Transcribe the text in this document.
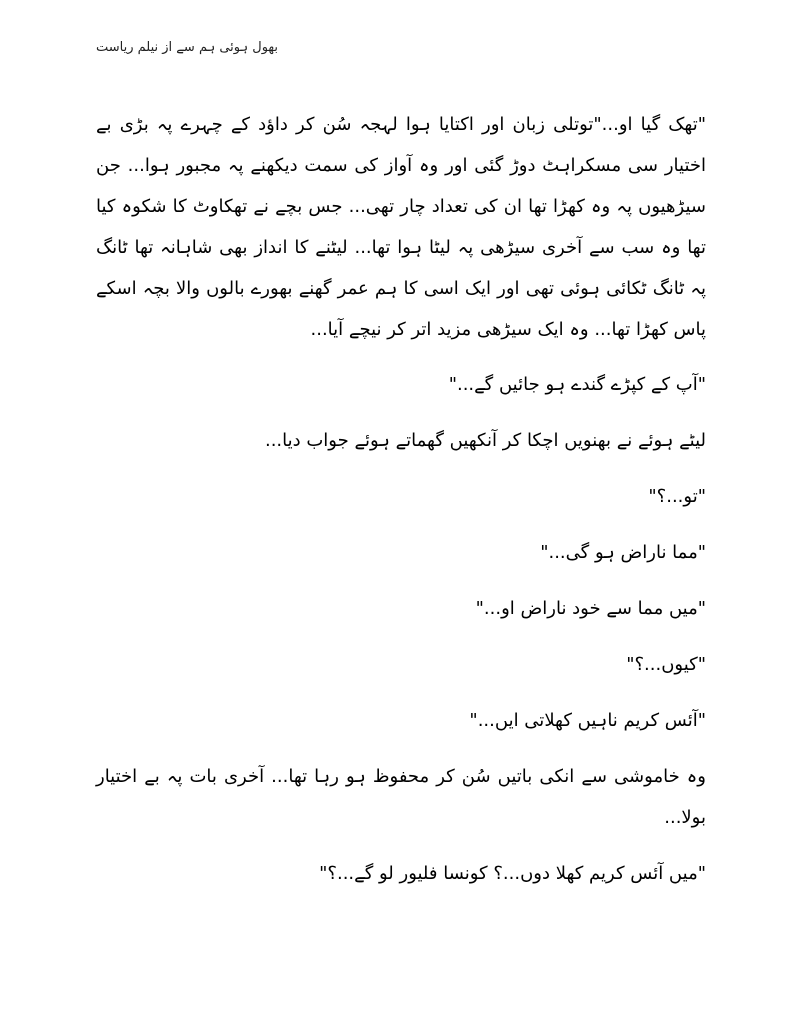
بھول ہوئی ہم سے از نیلم ریاست

"تھک گیا او..."توتلی زبان اور اکتایا ہوا لہجہ سُن کر داؤد کے چہرے پہ بڑی بے اختیار سی مسکراہٹ دوڑ گئی اور وہ آواز کی سمت دیکھنے پہ مجبور ہوا... جن سیڑھیوں پہ وہ کھڑا تھا ان کی تعداد چار تھی... جس بچے نے تھکاوٹ کا شکوہ کیا تھا وہ سب سے آخری سیڑھی پہ لیٹا ہوا تھا... لیٹنے کا انداز بھی شاہانہ تھا ٹانگ پہ ٹانگ ٹکائی ہوئی تھی اور ایک اسی کا ہم عمر گھنے بھورے بالوں والا بچہ اسکے پاس کھڑا تھا... وہ ایک سیڑھی مزید اتر کر نیچے آیا...

"آپ کے کپڑے گندے ہو جائیں گے..."

لیٹے ہوئے نے بھنویں اچکا کر آنکھیں گھماتے ہوئے جواب دیا...

"تو...؟"

"مما ناراض ہو گی..."

"میں مما سے خود ناراض او..."

"کیوں...؟"

"آئس کریم ناہیں کھلاتی ایں..."

وہ خاموشی سے انکی باتیں سُن کر محفوظ ہو رہا تھا... آخری بات پہ بے اختیار بولا...

"میں آئس کریم کھلا دوں...؟ کونسا فلیور لو گے...؟"
